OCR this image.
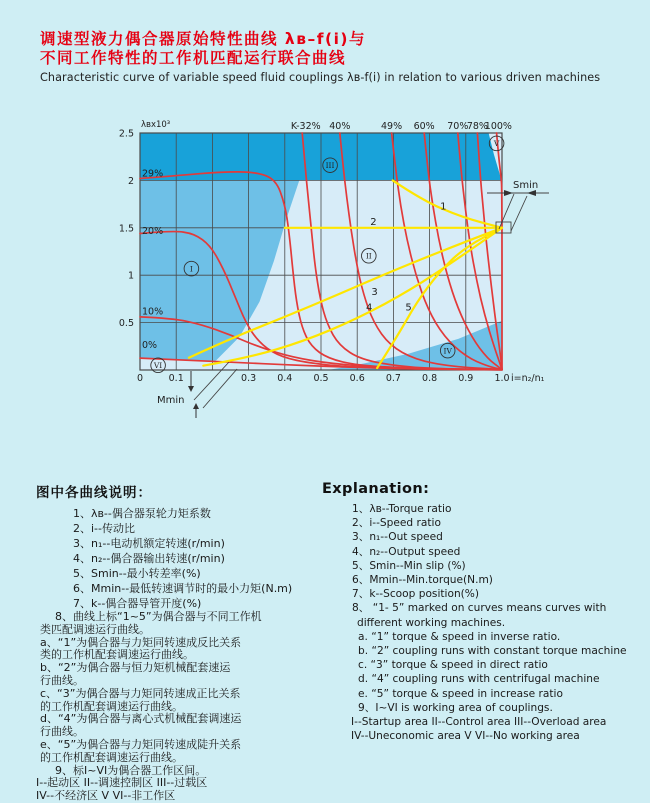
调速型液力偶合器原始特性曲线 λʙ–f(i)与
不同工作特性的工作机匹配运行联合曲线
Characteristic curve of variable speed fluid couplings λʙ-f(i) in relation to various driven machines
0	0.1	0.3 0.4 0.5 0.6 0.7 0.8 0.9 1.0
0.5
1
1.5
2
2.5
λʙx10³
i=n₂/n₁
K-32% 40%	49% 60% 70%
78%
100%
29%
20%
10%
0%
1
2
3
4	5
I
II
III
IV
V
VI
Smin
Mmin
图中各曲线说明：
1、λʙ--偶合器泵轮力矩系数
2、i--传动比
3、n₁--电动机额定转速(r/min)
4、n₂--偶合器输出转速(r/min)
5、Smin--最小转差率(%)
6、Mmin--最低转速调节时的最小力矩(N.m)
7、k--偶合器导管开度(%)
8、曲线上标“1~5”为偶合器与不同工作机
类匹配调速运行曲线。
a、“1”为偶合器与力矩同转速成反比关系
类的工作机配套调速运行曲线。
b、“2”为偶合器与恒力矩机械配套速运
行曲线。
c、“3”为偶合器与力矩同转速成正比关系
的工作机配套调速运行曲线。
d、“4”为偶合器与离心式机械配套调速运
行曲线。
e、“5”为偶合器与力矩同转速成陡升关系
的工作机配套调速运行曲线。
9、标I~VI为偶合器工作区间。
I--起动区 II--调速控制区 III--过载区
IV--不经济区 V VI--非工作区
Explanation:
1、λʙ--Torque ratio
2、i--Speed ratio
3、n₁--Out speed
4、n₂--Output speed
5、Smin--Min slip (%)
6、Mmin--Min.torque(N.m)
7、k--Scoop position(%)
8、 “1- 5” marked on curves means curves with
different working machines.
a. “1” torque & speed in inverse ratio.
b. “2” coupling runs with constant torque machine
c. “3” torque & speed in direct ratio
d. “4” coupling runs with centrifugal machine
e. “5” torque & speed in increase ratio
9、I~VI is working area of couplings.
I--Startup area II--Control area III--Overload area
IV--Uneconomic area V VI--No working area
